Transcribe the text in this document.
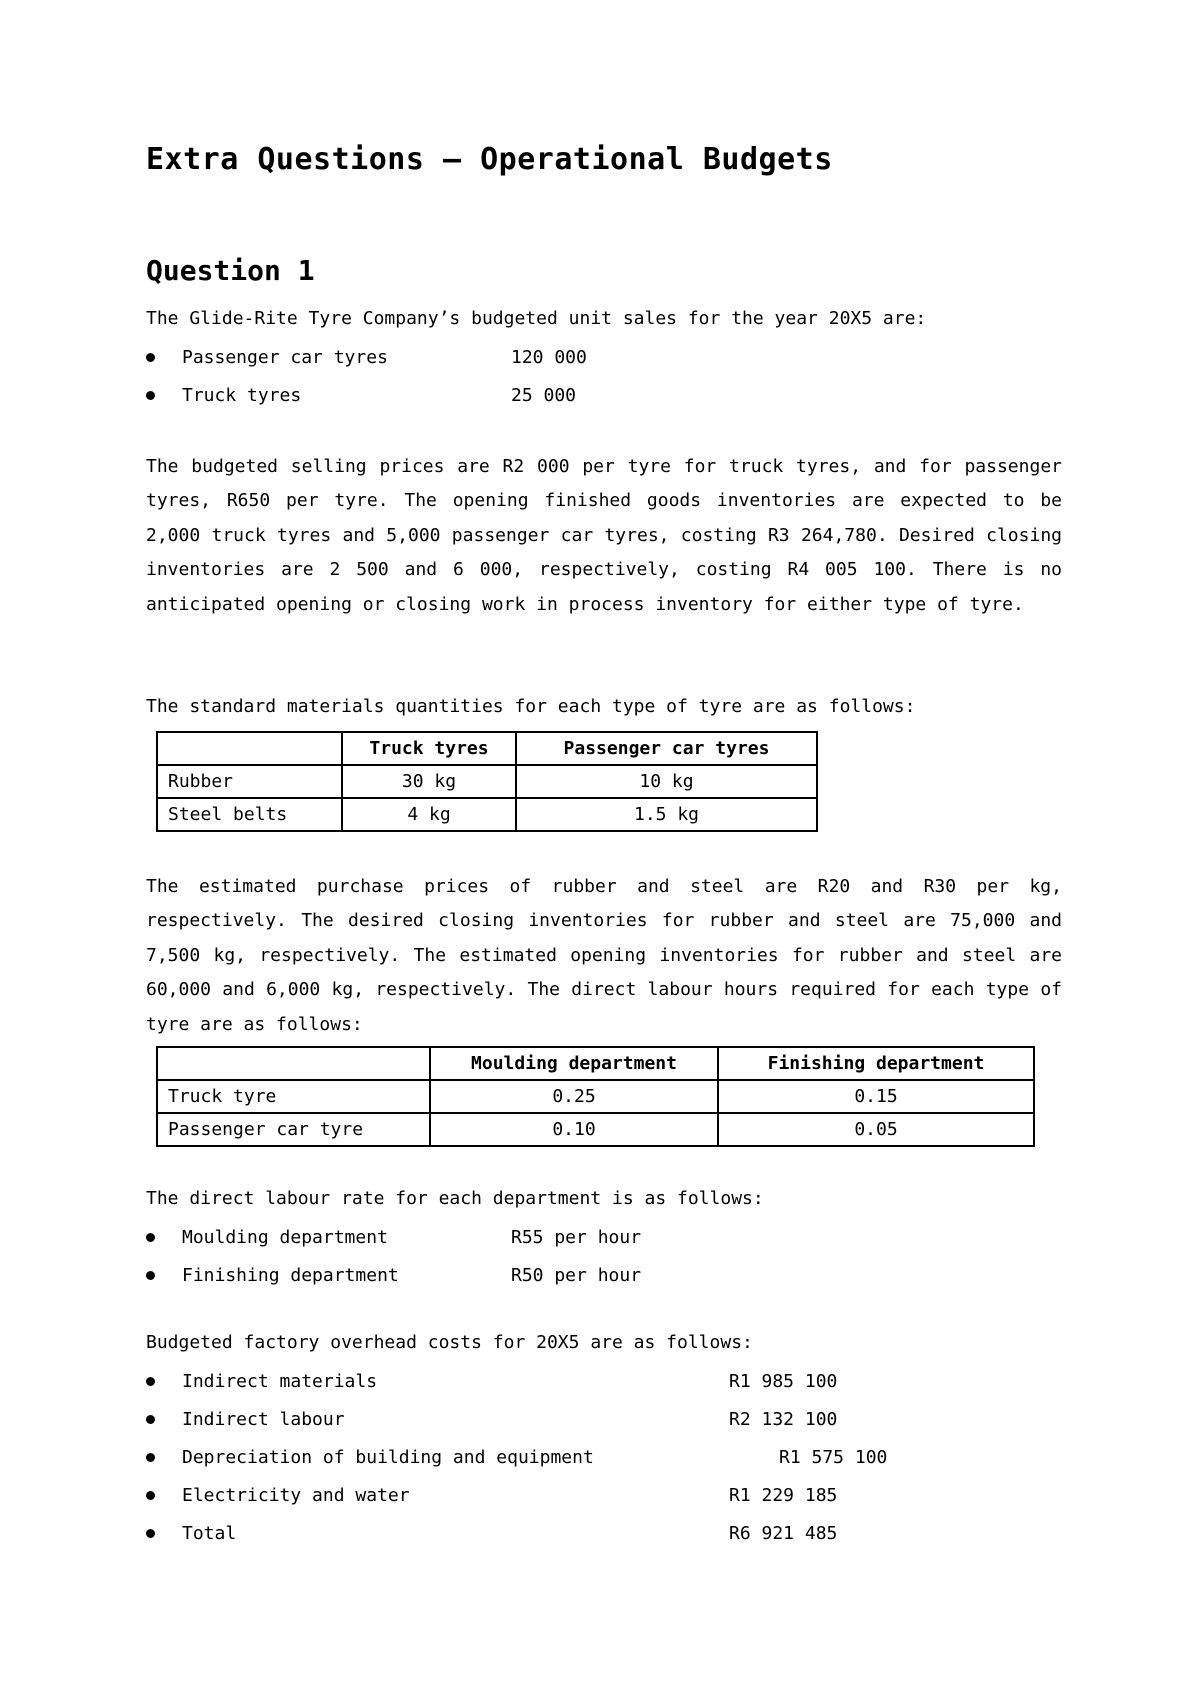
Extra Questions – Operational Budgets
Question 1
The Glide-Rite Tyre Company’s budgeted unit sales for the year 20X5 are:
Passenger car tyres	120 000
Truck tyres	25 000

The budgeted selling prices are R2 000 per tyre for truck tyres, and for passenger tyres, R650 per tyre. The opening finished goods inventories are expected to be 2,000 truck tyres and 5,000 passenger car tyres, costing R3 264,780. Desired closing inventories are 2 500 and 6 000, respectively, costing R4 005 100. There is no anticipated opening or closing work in process inventory for either type of tyre.

The standard materials quantities for each type of tyre are as follows:
	Truck tyres	Passenger car tyres
Rubber	30 kg	10 kg
Steel belts	4 kg	1.5 kg

The estimated purchase prices of rubber and steel are R20 and R30 per kg, respectively. The desired closing inventories for rubber and steel are 75,000 and 7,500 kg, respectively. The estimated opening inventories for rubber and steel are 60,000 and 6,000 kg, respectively. The direct labour hours required for each type of tyre are as follows:

	Moulding department	Finishing department
Truck tyre	0.25	0.15
Passenger car tyre	0.10	0.05
The direct labour rate for each department is as follows:
Moulding department	R55 per hour
Finishing department	R50 per hour
Budgeted factory overhead costs for 20X5 are as follows:
Indirect materials	R1 985 100
Indirect labour	R2 132 100
Depreciation of building and equipment	R1 575 100
Electricity and water	R1 229 185
Total	R6 921 485
